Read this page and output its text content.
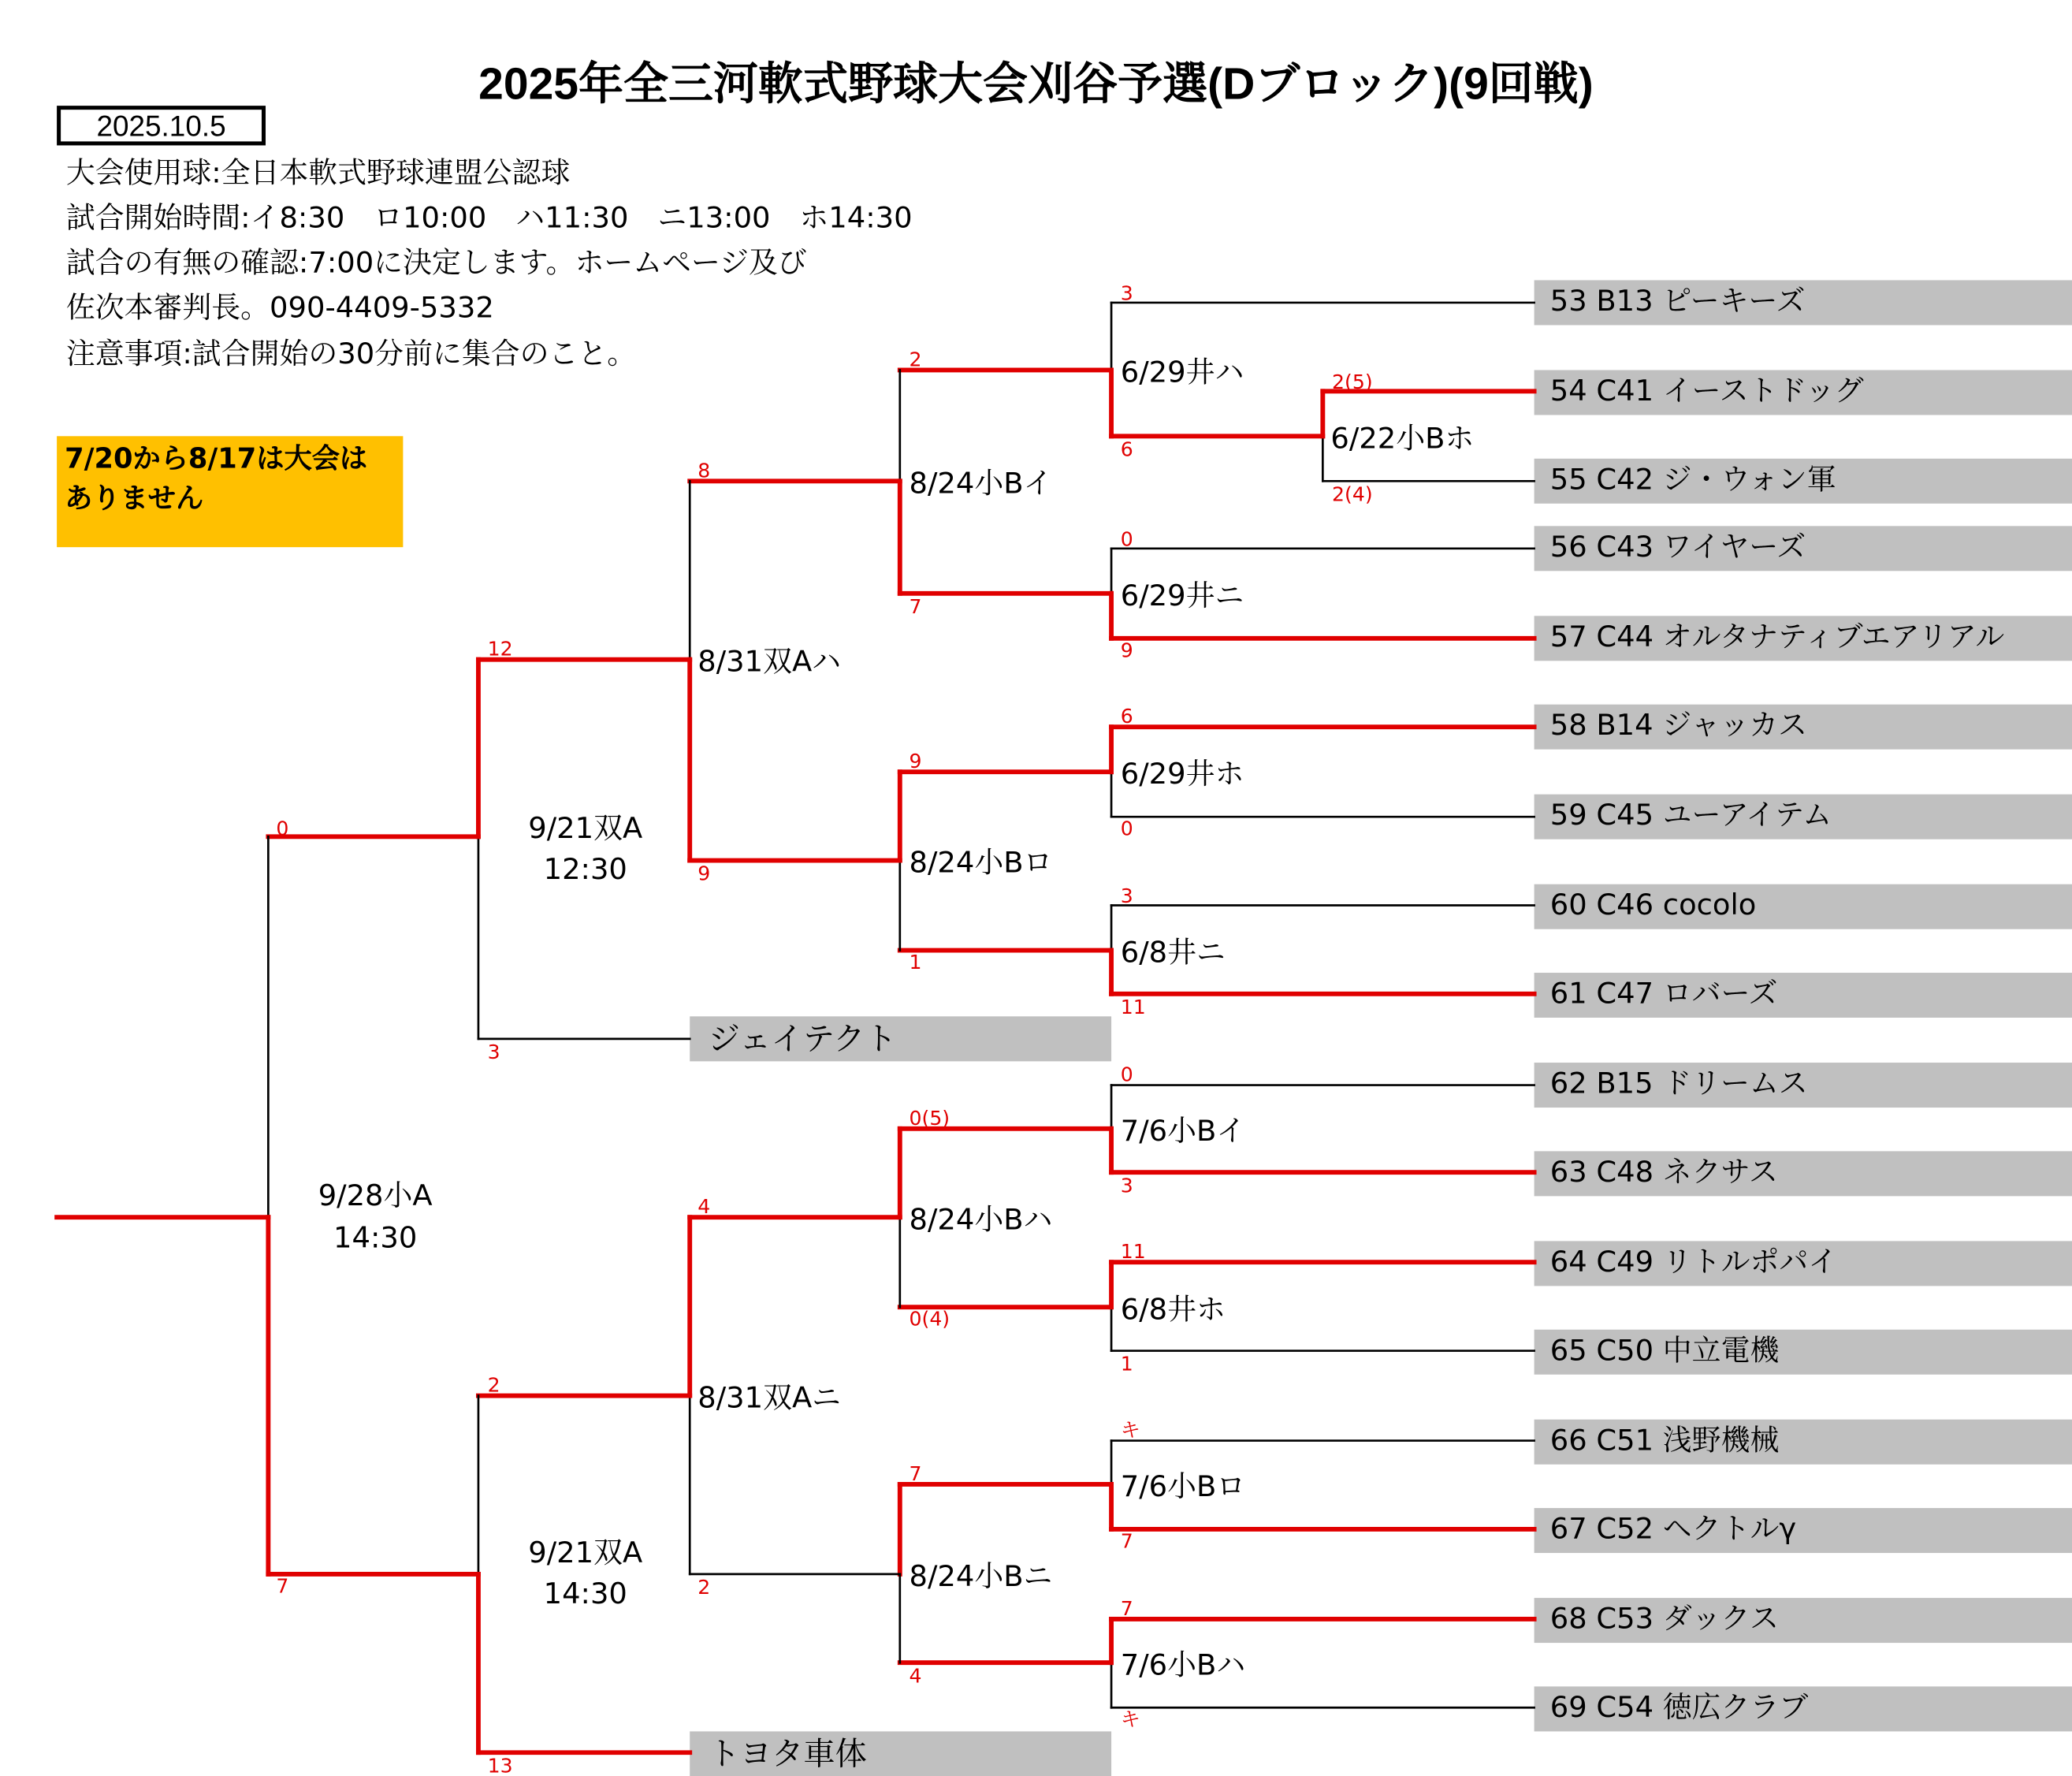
2025年全三河軟式野球大会刈谷予選(Dブロック)(9回戦)
2025.10.5
大会使用球:全日本軟式野球連盟公認球
試合開始時間:イ8:30　ロ10:00　ハ11:30　ニ13:00　ホ14:30
試合の有無の確認:7:00に決定します。ホームページ及び
佐次本審判長。090-4409-5332
注意事項:試合開始の30分前に集合のこと。
7/20から8/17は大会は
ありません
53 B13 ピーキーズ
54 C41 イーストドッグ
55 C42 ジ・ウォン軍
56 C43 ワイヤーズ
57 C44 オルタナティブエアリアル
58 B14 ジャッカス
59 C45 ユーアイテム
60 C46 cocolo
61 C47 ロバーズ
62 B15 ドリームス
63 C48 ネクサス
64 C49 リトルポパイ
65 C50 中立電機
66 C51 浅野機械
67 C52 ヘクトルγ
68 C53 ダックス
69 C54 徳広クラブ
ジェイテクト
トヨタ車体
6/22小Bホ
6/29井ハ
6/29井ニ
6/29井ホ
6/8井ニ
7/6小Bイ
6/8井ホ
7/6小Bロ
7/6小Bハ
8/24小Bイ
8/24小Bロ
8/24小Bハ
8/24小Bニ
8/31双Aハ
8/31双Aニ
9/21双A
12:30
9/21双A
14:30
9/28小A
14:30
2(5)
2(4)
3
6
0
9
6
0
3
11
0
3
11
1
キ
7
7
キ
2
7
9
1
0(5)
0(4)
7
4
8
9
4
2
12
3
2
13
0
7
